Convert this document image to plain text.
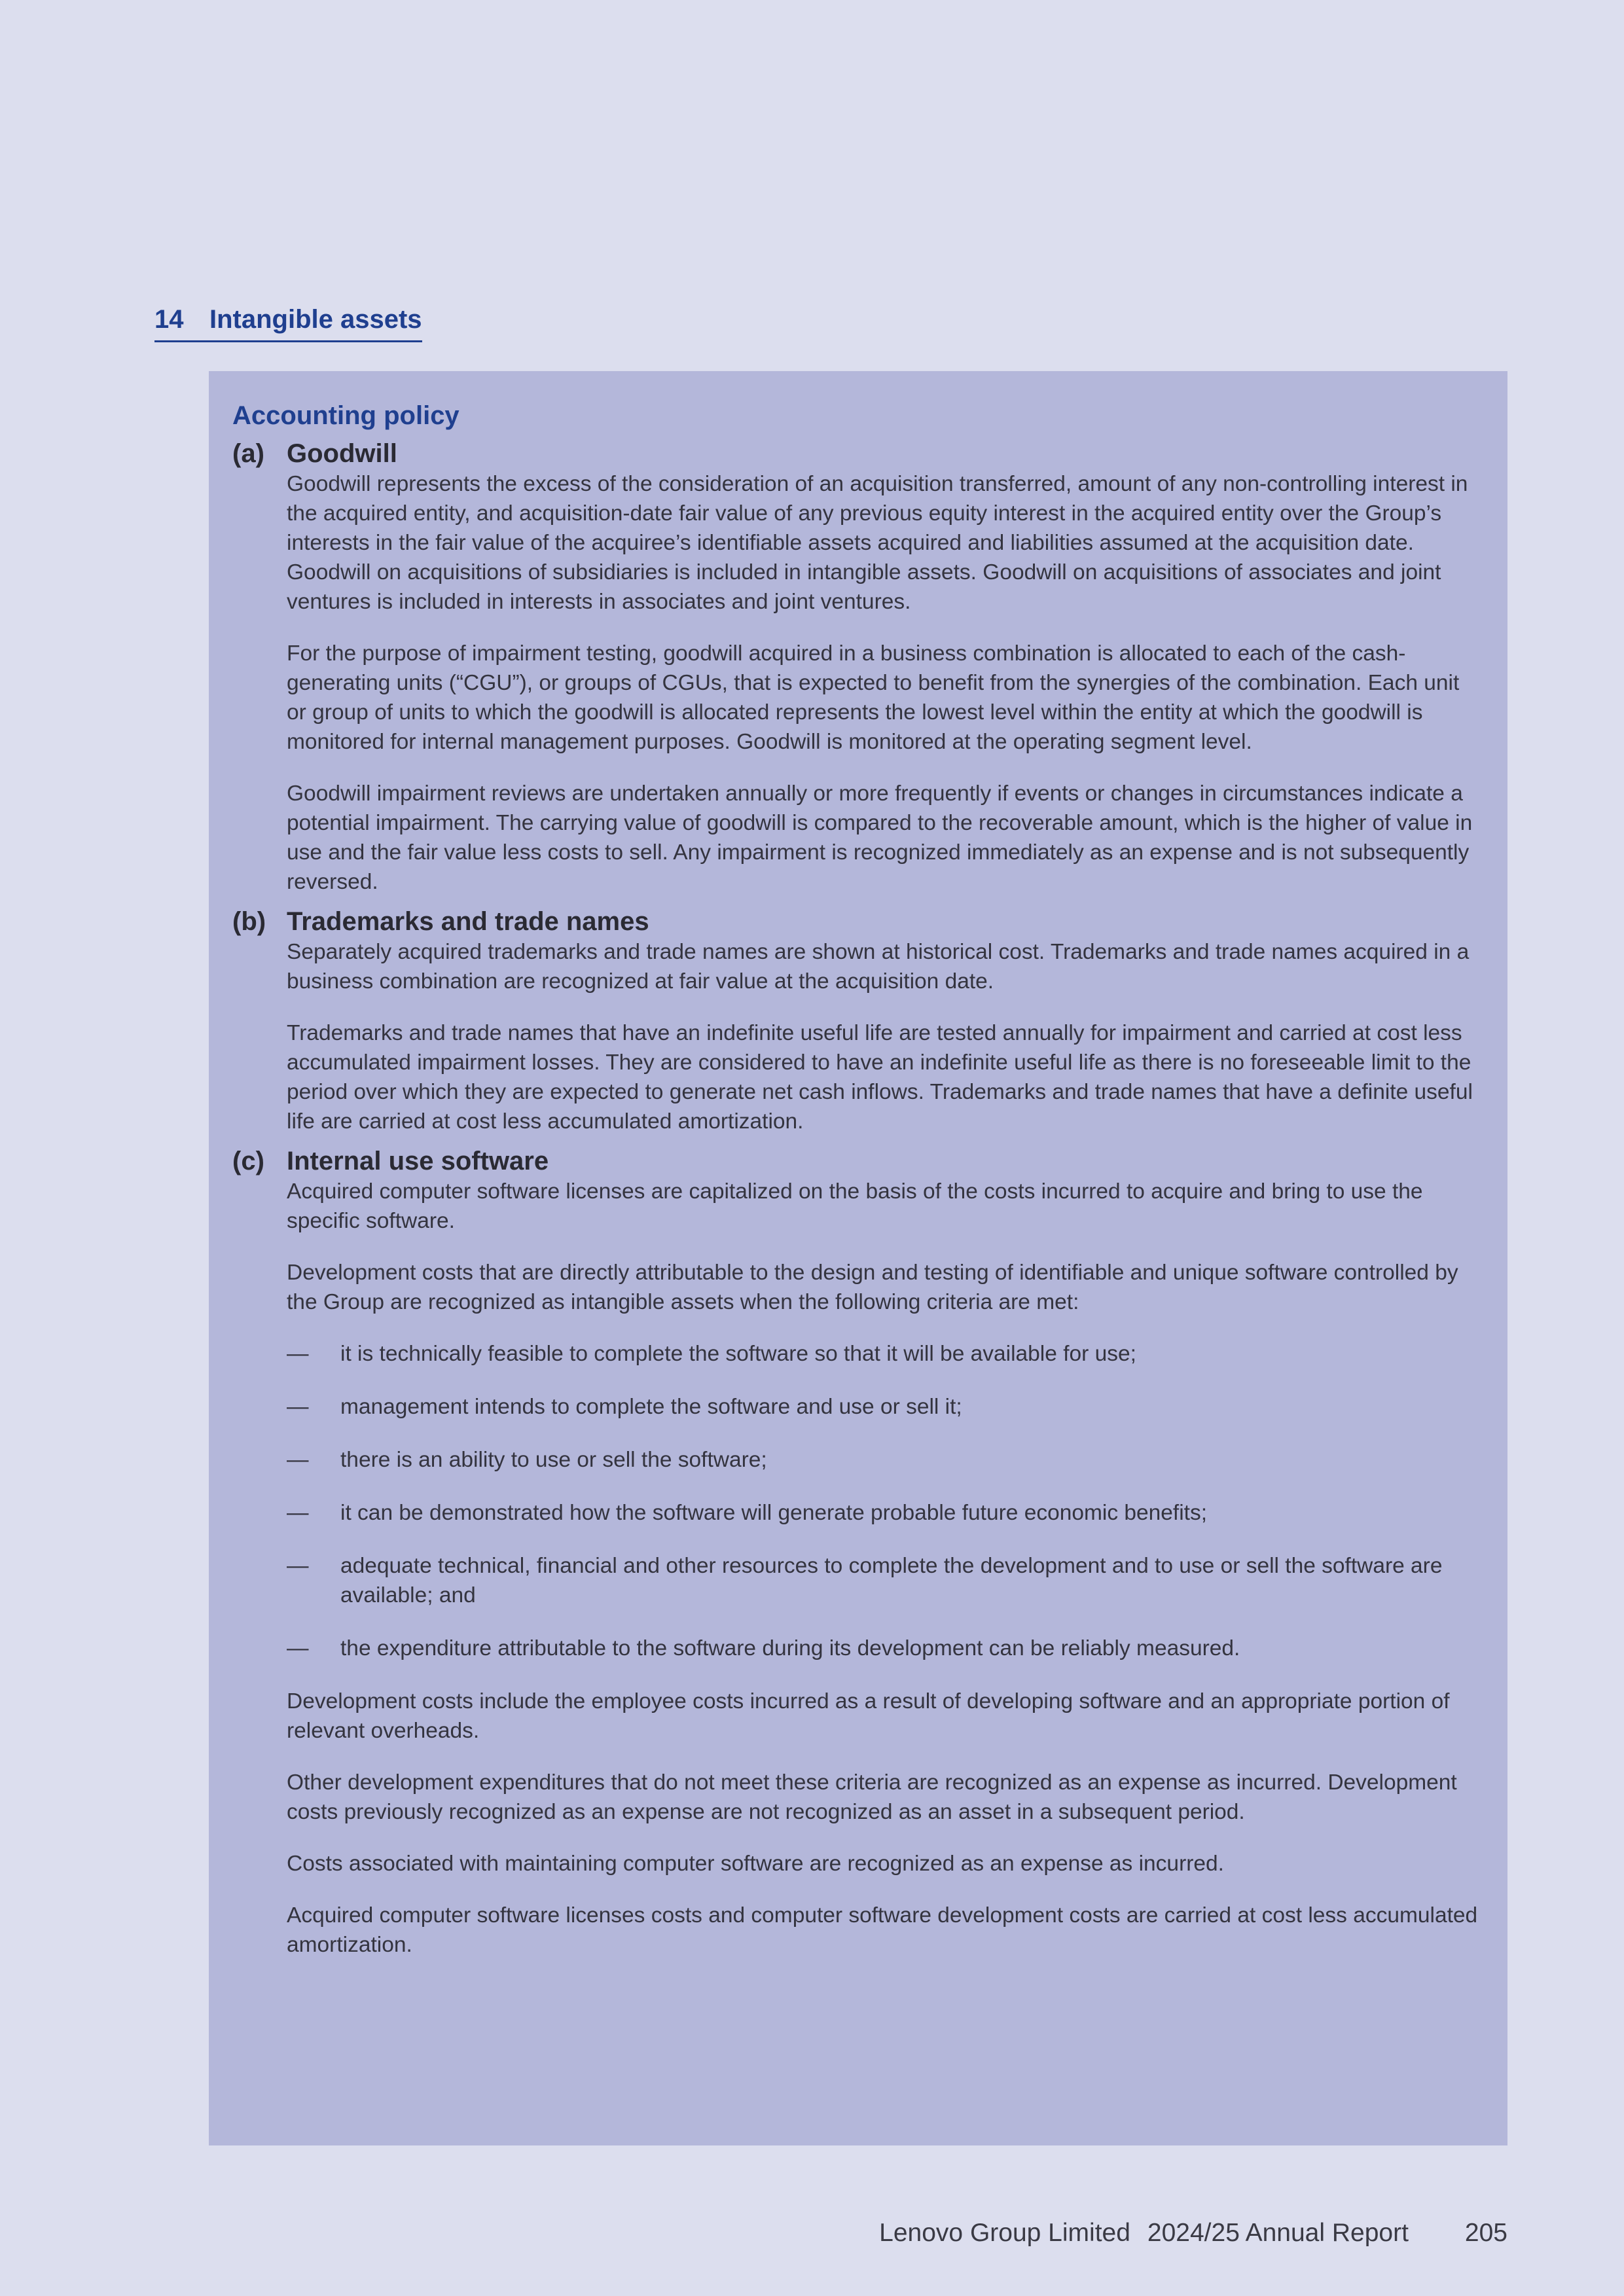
14 Intangible assets
Accounting policy
(a) Goodwill

Goodwill represents the excess of the consideration of an acquisition transferred, amount of any non-controlling interest in the acquired entity, and acquisition-date fair value of any previous equity interest in the acquired entity over the Group’s interests in the fair value of the acquiree’s identifiable assets acquired and liabilities assumed at the acquisition date. Goodwill on acquisitions of subsidiaries is included in intangible assets. Goodwill on acquisitions of associates and joint ventures is included in interests in associates and joint ventures.

For the purpose of impairment testing, goodwill acquired in a business combination is allocated to each of the cash-generating units (“CGU”), or groups of CGUs, that is expected to benefit from the synergies of the combination. Each unit or group of units to which the goodwill is allocated represents the lowest level within the entity at which the goodwill is monitored for internal management purposes. Goodwill is monitored at the operating segment level.

Goodwill impairment reviews are undertaken annually or more frequently if events or changes in circumstances indicate a potential impairment. The carrying value of goodwill is compared to the recoverable amount, which is the higher of value in use and the fair value less costs to sell. Any impairment is recognized immediately as an expense and is not subsequently reversed.

(b) Trademarks and trade names

Separately acquired trademarks and trade names are shown at historical cost. Trademarks and trade names acquired in a business combination are recognized at fair value at the acquisition date.

Trademarks and trade names that have an indefinite useful life are tested annually for impairment and carried at cost less accumulated impairment losses. They are considered to have an indefinite useful life as there is no foreseeable limit to the period over which they are expected to generate net cash inflows. Trademarks and trade names that have a definite useful life are carried at cost less accumulated amortization.

(c) Internal use software

Acquired computer software licenses are capitalized on the basis of the costs incurred to acquire and bring to use the specific software.

Development costs that are directly attributable to the design and testing of identifiable and unique software controlled by the Group are recognized as intangible assets when the following criteria are met:

—	it is technically feasible to complete the software so that it will be available for use;
—	management intends to complete the software and use or sell it;
—	there is an ability to use or sell the software;
—	it can be demonstrated how the software will generate probable future economic benefits;
—	adequate technical, financial and other resources to complete the development and to use or sell the software are available; and
—	the expenditure attributable to the software during its development can be reliably measured.

Development costs include the employee costs incurred as a result of developing software and an appropriate portion of relevant overheads.

Other development expenditures that do not meet these criteria are recognized as an expense as incurred. Development costs previously recognized as an expense are not recognized as an asset in a subsequent period.

Costs associated with maintaining computer software are recognized as an expense as incurred.

Acquired computer software licenses costs and computer software development costs are carried at cost less accumulated amortization.

Lenovo Group Limited 2024/25 Annual Report 205
